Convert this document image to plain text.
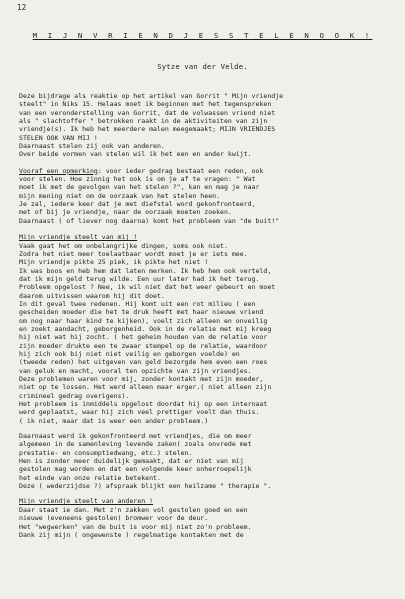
12
M I J N V R I E N D J E S S T E L E N O O K !
Sytze van der Velde.

Deze bijdrage als reaktie op het artikel van Gorrit " Mijn vriendje
steelt" in Niks 15. Helaas moet ik beginnen met het tegenspreken
van een veronderstelling van Gorrit, dat de volwassen vriend niet
als " slachtoffer " betrokken raakt in de aktiviteiten van zijn
vriendje(s). Ik heb het meerdere malen meegemaakt; MIJN VRIENDJES
STELEN OOK VAN MIJ !
Daarnaast stelen zij ook van anderen.
Over beide vormen van stelen wil ik het een en ander kwijt.

Vooraf een opmerking: voor ieder gedrag bestaat een reden, ook
voor stelen. Hoe zinnig het ook is om je af te vragen: " Wat
moet ik met de gevolgen van het stelen ?", kan en mag je naar
mijn mening niet om de oorzaak van het stelen heen.
Je zal, iedere keer dat je met diefstal word gekonfronteerd,
met of bij je vriendje, naar de oorzaak moeten zoeken.
Daarnaast ( of liever nog daarna) komt het probleem van "de buit!"

Mijn vriendje steelt van mij !
Vaak gaat het om onbelangrijke dingen, soms ook niet.
Zodra het niet meer toelaatbaar wordt moet je er iets mee.
Mijn vriendje pikte 25 piek, ik pikte het niet !
Ik was boos en heb hem dat laten merken. Ik heb hem ook verteld,
dat ik mijn geld terug wilde. Een uur later had ik het terug.
Probleem opgelost ? Nee, ik wil niet dat het weer gebeurt en moet
daarom uitvissen waarom hij dit doet.
In dit geval twee redenen. Hij komt uit een rot milieu ( een
gescheiden moeder die het te druk heeft met haar nieuwe vriend
om nog naar haar kind te kijken), voelt zich alleen en onveilig
en zoekt aandacht, geborgenheid. Ook in de relatie met mij kreeg
hij niet wat hij zocht. ( het geheim houden van de relatie voor
zijn moeder drukte een te zwaar stempel op de relatie, waardoor
hij zich ook bij niet niet veilig en geborgen voelde) en
(tweede reden) het uitgeven van geld bezorgde hem even een roes
van geluk en macht, vooral ten opzichte van zijn vriendjes.
Deze problemen waren voor mij, zonder kontakt met zijn moeder,
niet op te lossen. Het werd alleen maar erger.( niet alleen zijn
crimineel gedrag overigens).
Het probleem is inmiddels opgelost doordat hij op een internaat
werd geplaatst, waar hij zich veel prettiger voelt dan thuis.
( ik niet, maar dat is weer een ander probleem.)

Daarnaast werd ik gekonfronteerd met vriendjes, die om meer
algemeen in de samenleving levende zaken( zoals onvrede met
prestatie- en consumptiedwang, etc.) stelen.
Hen is zonder meer duidelijk gemaakt, dat er niet van mij
gestolen mag worden en dat een volgende keer onherroepelijk
het einde van onze relatie betekent.
Deze ( wederzijdse ?) afspraak blijkt een heilzame " therapie ".

Mijn vriendje steelt van anderen !
Daar staat ie dan. Met z'n zakken vol gestolen goed en een
nieuwe (eveneens gestolen) bromwer voor de deur.
Het "wegwerken" van de buit is voor mij niet zo'n probleem.
Dank zij mijn ( ongewenste ) regelmatige kontakten met de
